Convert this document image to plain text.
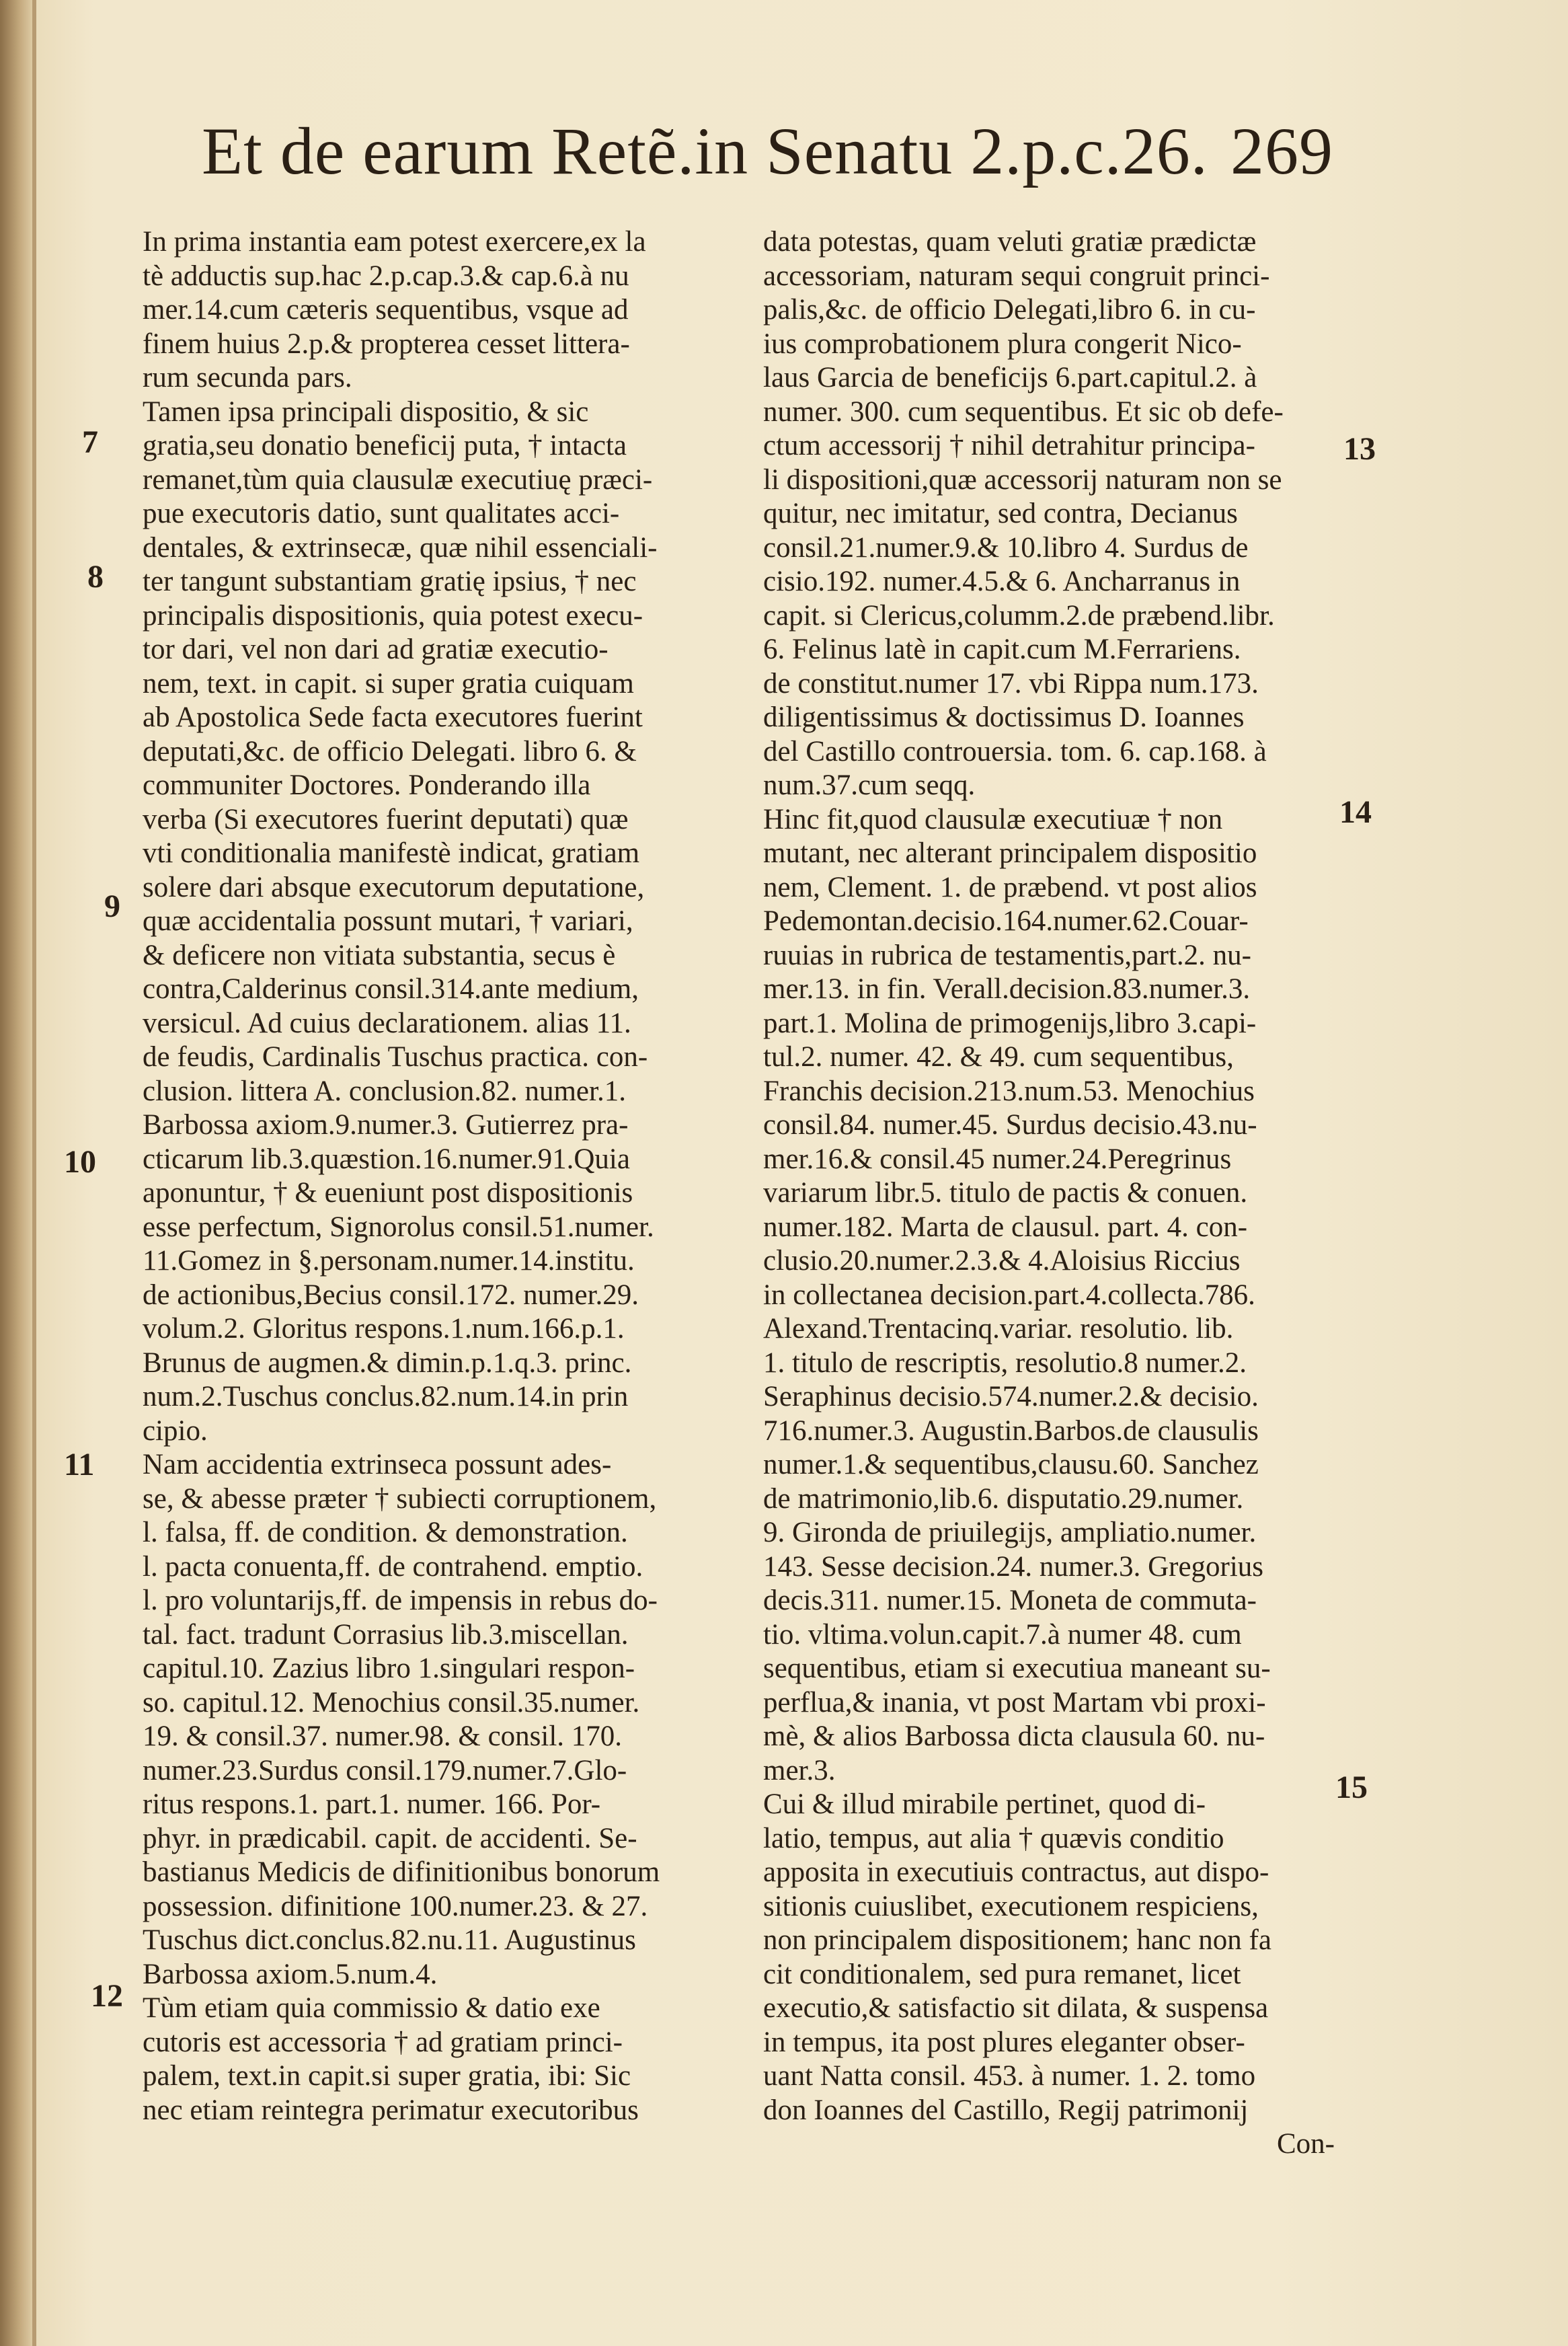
Et de earum Retẽ.in Senatu 2.p.c.26. 269
In prima instantia eam potest exercere,ex la
tè adductis sup.hac 2.p.cap.3.& cap.6.à nu
mer.14.cum cæteris sequentibus, vsque ad
finem huius 2.p.& propterea cesset littera-
rum secunda pars.
Tamen ipsa principali dispositio, & sic
gratia,seu donatio beneficij puta, † intacta
remanet,tùm quia clausulæ executiuę præci-
pue executoris datio, sunt qualitates acci-
dentales, & extrinsecæ, quæ nihil essenciali-
ter tangunt substantiam gratię ipsius, † nec
principalis dispositionis, quia potest execu-
tor dari, vel non dari ad gratiæ executio-
nem, text. in capit. si super gratia cuiquam
ab Apostolica Sede facta executores fuerint
deputati,&c. de officio Delegati. libro 6. &
communiter Doctores. Ponderando illa
verba (Si executores fuerint deputati) quæ
vti conditionalia manifestè indicat, gratiam
solere dari absque executorum deputatione,
quæ accidentalia possunt mutari, † variari,
& deficere non vitiata substantia, secus è
contra,Calderinus consil.314.ante medium,
versicul. Ad cuius declarationem. alias 11.
de feudis, Cardinalis Tuschus practica. con-
clusion. littera A. conclusion.82. numer.1.
Barbossa axiom.9.numer.3. Gutierrez pra-
cticarum lib.3.quæstion.16.numer.91.Quia
aponuntur, † & eueniunt post dispositionis
esse perfectum, Signorolus consil.51.numer.
11.Gomez in §.personam.numer.14.institu.
de actionibus,Becius consil.172. numer.29.
volum.2. Gloritus respons.1.num.166.p.1.
Brunus de augmen.& dimin.p.1.q.3. princ.
num.2.Tuschus conclus.82.num.14.in prin
cipio.
Nam accidentia extrinseca possunt ades-
se, & abesse præter † subiecti corruptionem,
l. falsa, ff. de condition. & demonstration.
l. pacta conuenta,ff. de contrahend. emptio.
l. pro voluntarijs,ff. de impensis in rebus do-
tal. fact. tradunt Corrasius lib.3.miscellan.
capitul.10. Zazius libro 1.singulari respon-
so. capitul.12. Menochius consil.35.numer.
19. & consil.37. numer.98. & consil. 170.
numer.23.Surdus consil.179.numer.7.Glo-
ritus respons.1. part.1. numer. 166. Por-
phyr. in prædicabil. capit. de accidenti. Se-
bastianus Medicis de difinitionibus bonorum
possession. difinitione 100.numer.23. & 27.
Tuschus dict.conclus.82.nu.11. Augustinus
Barbossa axiom.5.num.4.
Tùm etiam quia commissio & datio exe
cutoris est accessoria † ad gratiam princi-
palem, text.in capit.si super gratia, ibi: Sic
nec etiam reintegra perimatur executoribus
data potestas, quam veluti gratiæ prædictæ
accessoriam, naturam sequi congruit princi-
palis,&c. de officio Delegati,libro 6. in cu-
ius comprobationem plura congerit Nico-
laus Garcia de beneficijs 6.part.capitul.2. à
numer. 300. cum sequentibus. Et sic ob defe-
ctum accessorij † nihil detrahitur principa-
li dispositioni,quæ accessorij naturam non se
quitur, nec imitatur, sed contra, Decianus
consil.21.numer.9.& 10.libro 4. Surdus de
cisio.192. numer.4.5.& 6. Ancharranus in
capit. si Clericus,columm.2.de præbend.libr.
6. Felinus latè in capit.cum M.Ferrariens.
de constitut.numer 17. vbi Rippa num.173.
diligentissimus & doctissimus D. Ioannes
del Castillo controuersia. tom. 6. cap.168. à
num.37.cum seqq.
Hinc fit,quod clausulæ executiuæ † non
mutant, nec alterant principalem dispositio
nem, Clement. 1. de præbend. vt post alios
Pedemontan.decisio.164.numer.62.Couar-
ruuias in rubrica de testamentis,part.2. nu-
mer.13. in fin. Verall.decision.83.numer.3.
part.1. Molina de primogenijs,libro 3.capi-
tul.2. numer. 42. & 49. cum sequentibus,
Franchis decision.213.num.53. Menochius
consil.84. numer.45. Surdus decisio.43.nu-
mer.16.& consil.45 numer.24.Peregrinus
variarum libr.5. titulo de pactis & conuen.
numer.182. Marta de clausul. part. 4. con-
clusio.20.numer.2.3.& 4.Aloisius Riccius
in collectanea decision.part.4.collecta.786.
Alexand.Trentacinq.variar. resolutio. lib.
1. titulo de rescriptis, resolutio.8 numer.2.
Seraphinus decisio.574.numer.2.& decisio.
716.numer.3. Augustin.Barbos.de clausulis
numer.1.& sequentibus,clausu.60. Sanchez
de matrimonio,lib.6. disputatio.29.numer.
9. Gironda de priuilegijs, ampliatio.numer.
143. Sesse decision.24. numer.3. Gregorius
decis.311. numer.15. Moneta de commuta-
tio. vltima.volun.capit.7.à numer 48. cum
sequentibus, etiam si executiua maneant su-
perflua,& inania, vt post Martam vbi proxi-
mè, & alios Barbossa dicta clausula 60. nu-
mer.3.
Cui & illud mirabile pertinet, quod di-
latio, tempus, aut alia † quævis conditio
apposita in executiuis contractus, aut dispo-
sitionis cuiuslibet, executionem respiciens,
non principalem dispositionem; hanc non fa
cit conditionalem, sed pura remanet, licet
executio,& satisfactio sit dilata, & suspensa
in tempus, ita post plures eleganter obser-
uant Natta consil. 453. à numer. 1. 2. tomo
don Ioannes del Castillo, Regij patrimonij
Con-
7
8
9
10
11
12
13
14
15
